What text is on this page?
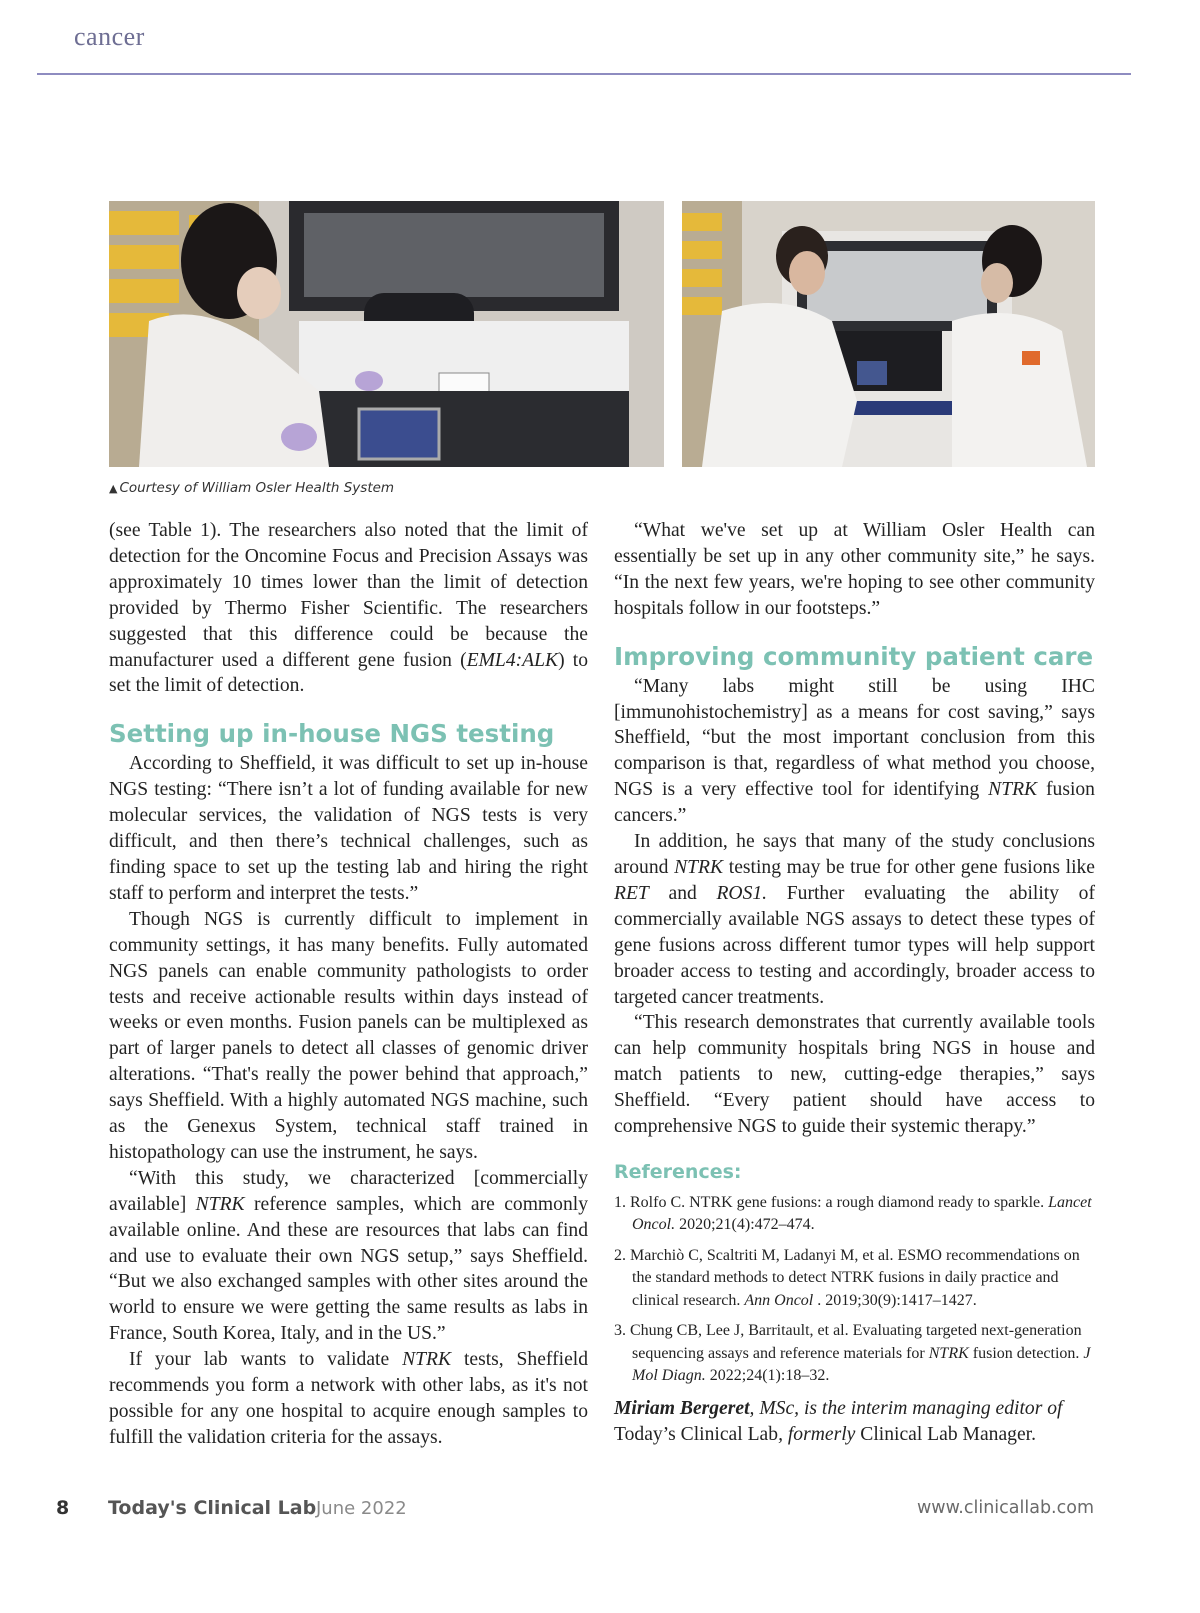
cancer
▲ Courtesy of William Osler Health System

(see Table 1). The researchers also noted that the limit of detection for the Oncomine Focus and Precision Assays was approximately 10 times lower than the limit of detection provided by Thermo Fisher Scientific. The researchers suggested that this difference could be because the manufacturer used a different gene fusion (EML4:ALK) to set the limit of detection.

Setting up in-house NGS testing

According to Sheffield, it was difficult to set up in-house NGS testing: “There isn’t a lot of funding available for new molecular services, the validation of NGS tests is very difficult, and then there’s technical challenges, such as finding space to set up the testing lab and hiring the right staff to perform and interpret the tests.”

Though NGS is currently difficult to implement in community settings, it has many benefits. Fully automated NGS panels can enable community pathologists to order tests and receive actionable results within days instead of weeks or even months. Fusion panels can be multiplexed as part of larger panels to detect all classes of genomic driver alterations. “That's really the power behind that approach,” says Sheffield. With a highly automated NGS machine, such as the Genexus System, technical staff trained in histopathology can use the instrument, he says.

“With this study, we characterized [commercially available] NTRK reference samples, which are commonly available online. And these are resources that labs can find and use to evaluate their own NGS setup,” says Sheffield. “But we also exchanged samples with other sites around the world to ensure we were getting the same results as labs in France, South Korea, Italy, and in the US.”

If your lab wants to validate NTRK tests, Sheffield recommends you form a network with other labs, as it's not possible for any one hospital to acquire enough samples to fulfill the validation criteria for the assays.

“What we've set up at William Osler Health can essentially be set up in any other community site,” he says. “In the next few years, we're hoping to see other community hospitals follow in our footsteps.”

Improving community patient care

“Many labs might still be using IHC [immunohistochemistry] as a means for cost saving,” says Sheffield, “but the most important conclusion from this comparison is that, regardless of what method you choose, NGS is a very effective tool for identifying NTRK fusion cancers.”

In addition, he says that many of the study conclusions around NTRK testing may be true for other gene fusions like RET and ROS1. Further evaluating the ability of commercially available NGS assays to detect these types of gene fusions across different tumor types will help support broader access to testing and accordingly, broader access to targeted cancer treatments.

“This research demonstrates that currently available tools can help community hospitals bring NGS in house and match patients to new, cutting-edge therapies,” says Sheffield. “Every patient should have access to comprehensive NGS to guide their systemic therapy.”

References:
1. Rolfo C. NTRK gene fusions: a rough diamond ready to sparkle. Lancet Oncol. 2020;21(4):472–474.
2. Marchiò C, Scaltriti M, Ladanyi M, et al. ESMO recommendations on the standard methods to detect NTRK fusions in daily practice and clinical research. Ann Oncol . 2019;30(9):1417–1427.
3. Chung CB, Lee J, Barritault, et al. Evaluating targeted next-generation sequencing assays and reference materials for NTRK fusion detection. J Mol Diagn. 2022;24(1):18–32.

Miriam Bergeret, MSc, is the interim managing editor of
Today’s Clinical Lab, formerly Clinical Lab Manager.

8 Today's Clinical Lab June 2022	www.clinicallab.com
